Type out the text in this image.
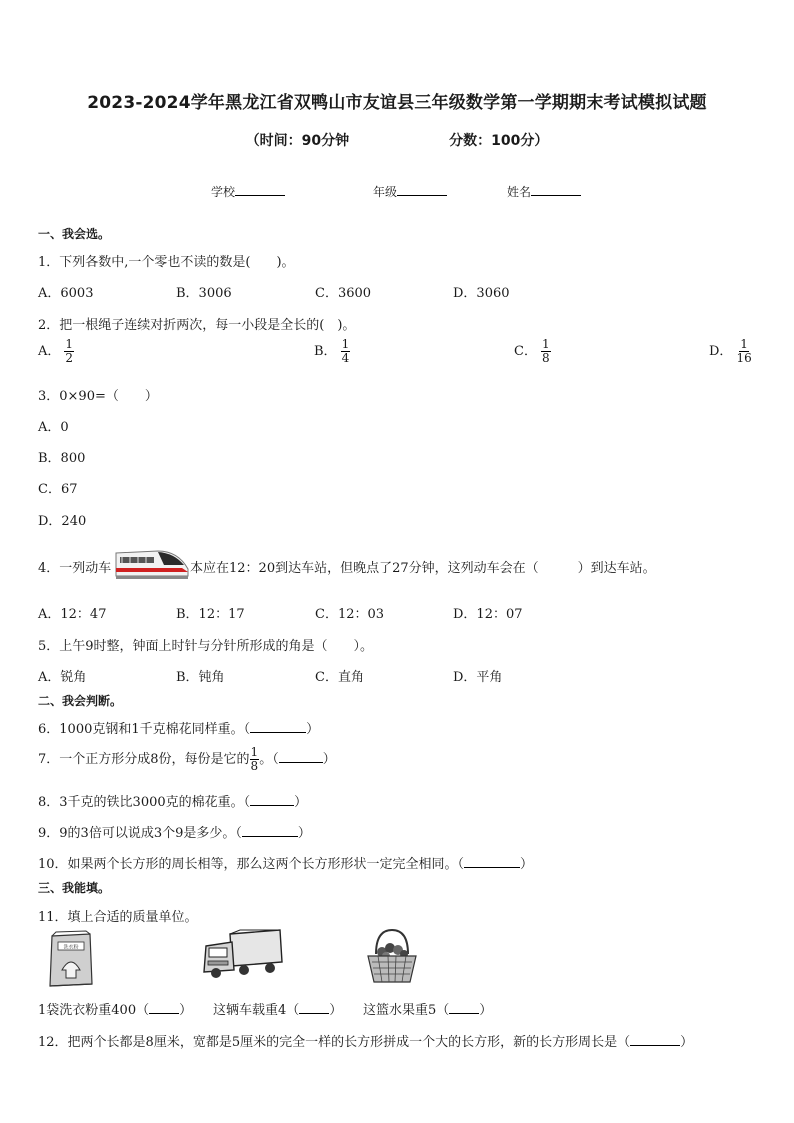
2023-2024学年黑龙江省双鸭山市友谊县三年级数学第一学期期末考试模拟试题
（时间：90分钟	分数：100分）
学校	年级	姓名
一、我会选。
1．下列各数中,一个零也不读的数是(　　)。
A．6003	B．3006	C．3600	D．3060
2．把一根绳子连续对折两次，每一小段是全长的(　)。
A． $\frac{1}{2}$	B． $\frac{1}{4}$	C． $\frac{1}{8}$	D． $\frac{1}{16}$
3．0×90=（　　）
A．0
B．800
C．67
D．240
4．一列动车	本应在12：20到达车站，但晚点了27分钟，这列动车会在（　　　）到达车站。
A．12：47	B．12：17	C．12：03	D．12：07
5．上午9时整，钟面上时针与分针所形成的角是（　　）。
A．锐角	B．钝角	C．直角	D．平角
二、我会判断。
6．1000克钢和1千克棉花同样重。（	）
7．一个正方形分成8份，每份是它的 $\frac{1}{8}$ 。（	）
8．3千克的铁比3000克的棉花重。（	）
9．9的3倍可以说成3个9是多少。（	）
10．如果两个长方形的周长相等，那么这两个长方形形状一定完全相同。（	）
三、我能填。
11．填上合适的质量单位。
洗衣粉
1袋洗衣粉重400（ ） 这辆车载重4（ ） 这篮水果重5（ ）
12．把两个长都是8厘米，宽都是5厘米的完全一样的长方形拼成一个大的长方形，新的长方形周长是（	）
